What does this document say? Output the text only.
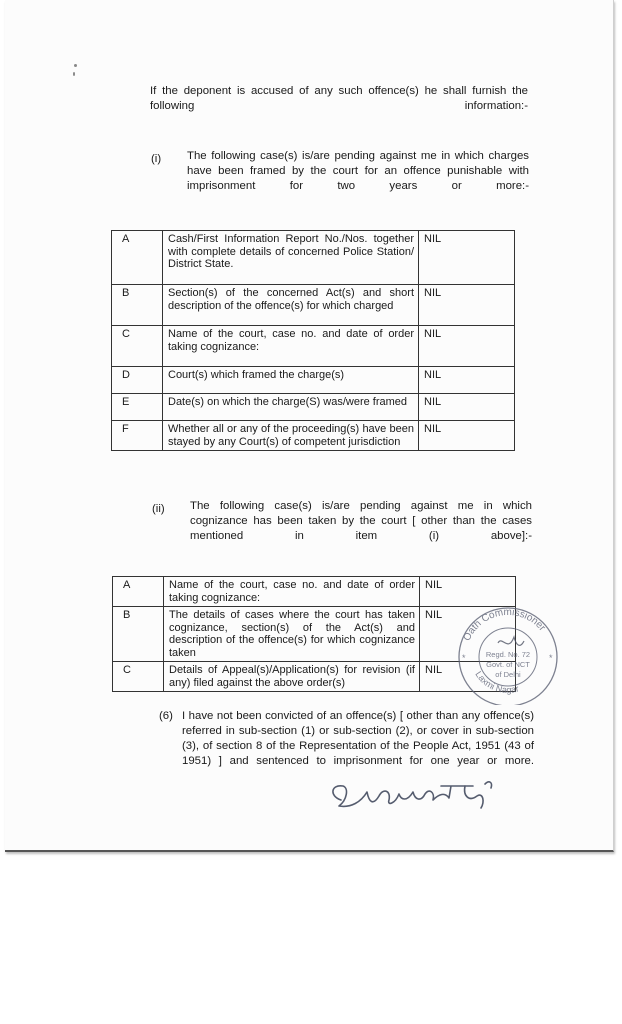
If the deponent is accused of any such offence(s) he shall furnish the following information:-
(i) The following case(s) is/are pending against me in which charges have been framed by the court for an offence punishable with imprisonment for two years or more:-
A	Cash/First Information Report No./Nos. together with complete details of concerned Police Station/ District State.	NIL
B	Section(s) of the concerned Act(s) and short description of the offence(s) for which charged	NIL
C	Name of the court, case no. and date of order taking cognizance:	NIL
D	Court(s) which framed the charge(s)	NIL
E	Date(s) on which the charge(S) was/were framed	NIL
F	Whether all or any of the proceeding(s) have been stayed by any Court(s) of competent jurisdiction	NIL
(ii) The following case(s) is/are pending against me in which cognizance has been taken by the court [ other than the cases mentioned in item (i) above]:-
A	Name of the court, case no. and date of order taking cognizance:	NIL
B	The details of cases where the court has taken cognizance, section(s) of the Act(s) and description of the offence(s) for which cognizance taken	NIL
C	Details of Appeal(s)/Application(s) for revision (if any) filed against the above order(s)	NIL
(6) I have not been convicted of an offence(s) [ other than any offence(s) referred in sub-section (1) or sub-section (2), or cover in sub-section (3), of section 8 of the Representation of the People Act, 1951 (43 of 1951) ] and sentenced to imprisonment for one year or more.
Oath Commissioner
Laxmi Nagar
Regd. No. 72
Govt. of NCT
of Delhi
*	*
